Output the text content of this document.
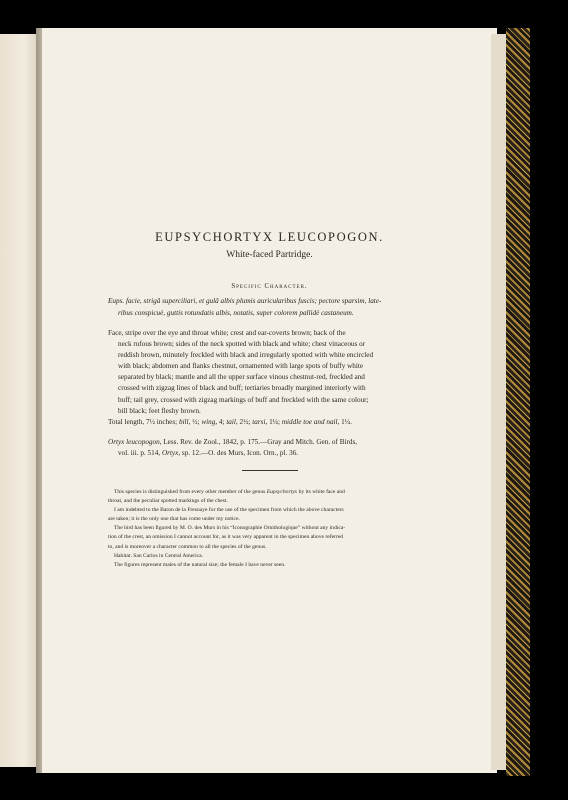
EUPSYCHORTYX LEUCOPOGON.
White-faced Partridge.
Specific Character.

Eups. facie, strigâ superciliari, et gulâ albis plumis auricularibus fuscis; pectore sparsim, late-

ribus conspicuè, guttis rotundatis albis, notatis, super colorem pallidè castaneum.

Face, stripe over the eye and throat white; crest and ear-coverts brown; back of the

neck rufous brown; sides of the neck spotted with black and white; chest vinaceous or

reddish brown, minutely freckled with black and irregularly spotted with white encircled

with black; abdomen and flanks chestnut, ornamented with large spots of buffy white

separated by black; mantle and all the upper surface vinous chestnut-red, freckled and

crossed with zigzag lines of black and buff; tertiaries broadly margined interiorly with

buff; tail grey, crossed with zigzag markings of buff and freckled with the same colour;

bill black; feet fleshy brown.

Total length, 7½ inches; bill, ½; wing, 4; tail, 2½; tarsi, 1¼; middle toe and nail, 1¼.

Ortyx leucopogon, Less. Rev. de Zool., 1842, p. 175.—Gray and Mitch. Gen. of Birds,
vol. iii. p. 514, Ortyx, sp. 12.—O. des Murs, Icon. Orn., pl. 36.

This species is distinguished from every other member of the genus Eupsychortyx by its white face and
throat, and the peculiar spotted markings of the chest.

I am indebted to the Baron de la Fresnaye for the use of the specimen from which the above characters
are taken; it is the only one that has come under my notice.

The bird has been figured by M. O. des Murs in his “Iconographie Ornithologique” without any indica-
tion of the crest, an omission I cannot account for, as it was very apparent in the specimen above referred
to, and is moreover a character common to all the species of the genus.

Habitat. San Carlos in Central America.

The figures represent males of the natural size; the female I have never seen.
